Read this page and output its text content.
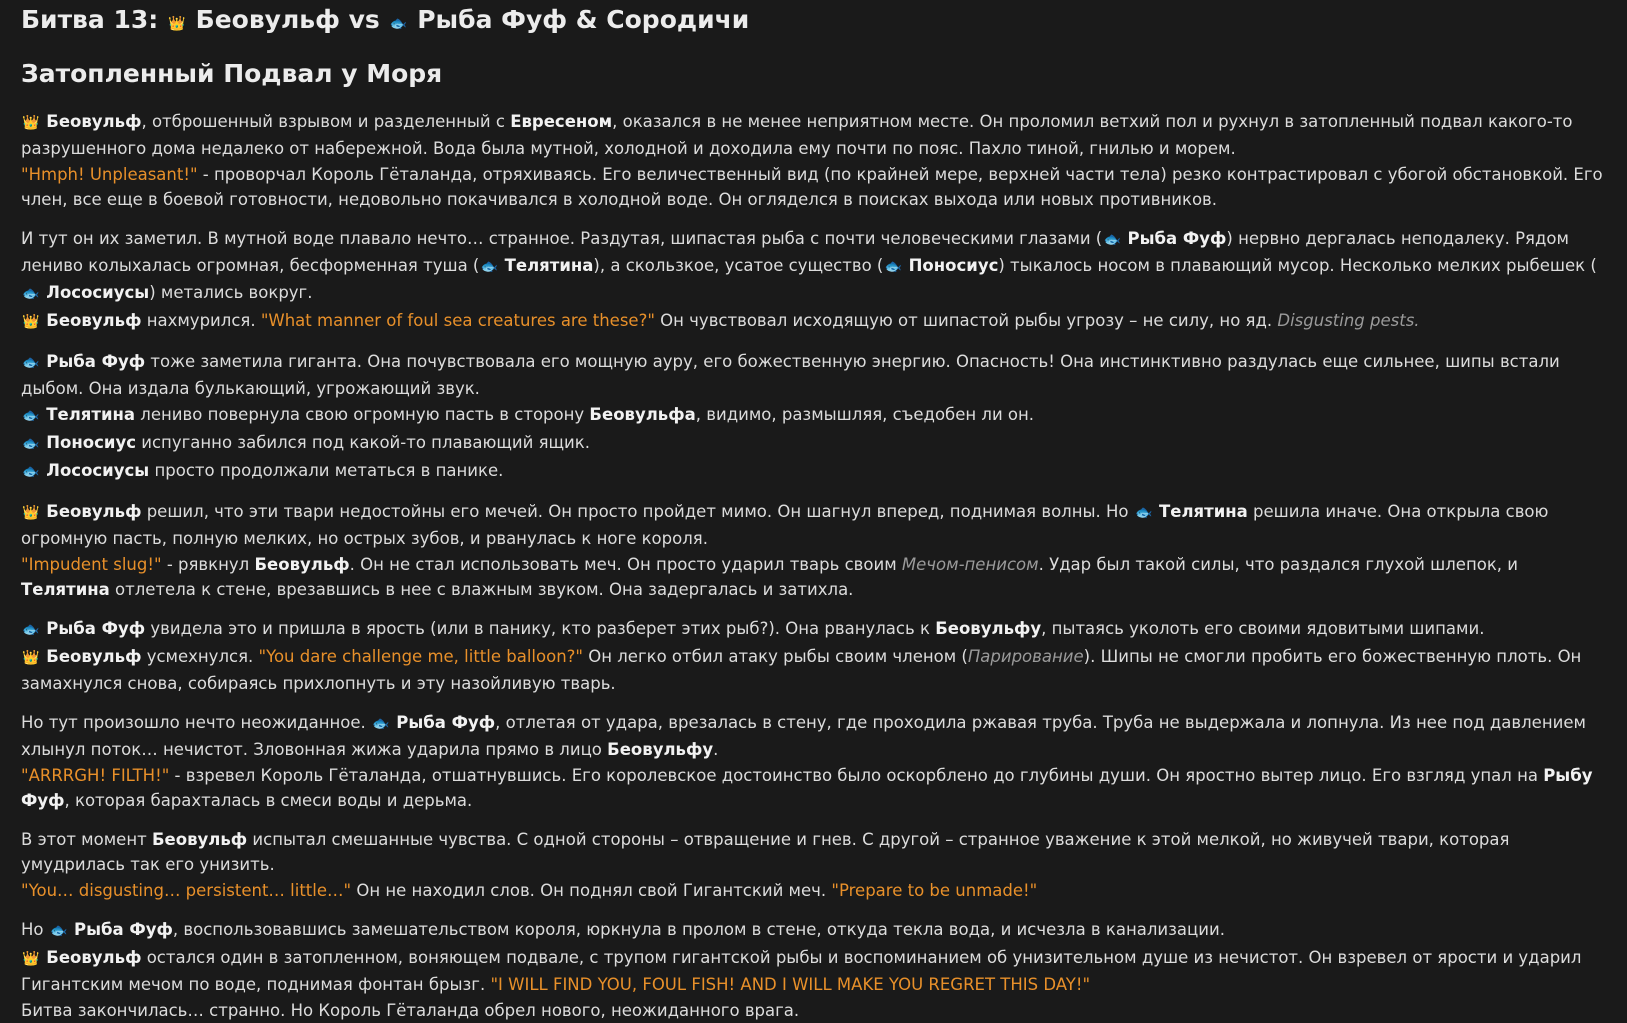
Битва 13: 👑 Беовульф vs 🐟 Рыба Фуф & Сородичи
Затопленный Подвал у Моря

👑 Беовульф, отброшенный взрывом и разделенный с Евресеном, оказался в не менее неприятном месте. Он проломил ветхий пол и рухнул в затопленный подвал какого-то разрушенного дома недалеко от набережной. Вода была мутной, холодной и доходила ему почти по пояс. Пахло тиной, гнилью и морем.

"Hmph! Unpleasant!" - проворчал Король Гёталанда, отряхиваясь. Его величественный вид (по крайней мере, верхней части тела) резко контрастировал с убогой обстановкой. Его член, все еще в боевой готовности, недовольно покачивался в холодной воде. Он огляделся в поисках выхода или новых противников.

И тут он их заметил. В мутной воде плавало нечто… странное. Раздутая, шипастая рыба с почти человеческими глазами (🐟 Рыба Фуф) нервно дергалась неподалеку. Рядом лениво колыхалась огромная, бесформенная туша (🐟 Телятина), а скользкое, усатое существо (🐟 Поносиус) тыкалось носом в плавающий мусор. Несколько мелких рыбешек (🐟 Лососиусы) метались вокруг.

👑 Беовульф нахмурился. "What manner of foul sea creatures are these?" Он чувствовал исходящую от шипастой рыбы угрозу – не силу, но яд. Disgusting pests.

🐟 Рыба Фуф тоже заметила гиганта. Она почувствовала его мощную ауру, его божественную энергию. Опасность! Она инстинктивно раздулась еще сильнее, шипы встали дыбом. Она издала булькающий, угрожающий звук.

🐟 Телятина лениво повернула свою огромную пасть в сторону Беовульфа, видимо, размышляя, съедобен ли он.

🐟 Поносиус испуганно забился под какой-то плавающий ящик.

🐟 Лососиусы просто продолжали метаться в панике.

👑 Беовульф решил, что эти твари недостойны его мечей. Он просто пройдет мимо. Он шагнул вперед, поднимая волны. Но 🐟 Телятина решила иначе. Она открыла свою огромную пасть, полную мелких, но острых зубов, и рванулась к ноге короля.

"Impudent slug!" - рявкнул Беовульф. Он не стал использовать меч. Он просто ударил тварь своим Мечом-пенисом. Удар был такой силы, что раздался глухой шлепок, и Телятина отлетела к стене, врезавшись в нее с влажным звуком. Она задергалась и затихла.

🐟 Рыба Фуф увидела это и пришла в ярость (или в панику, кто разберет этих рыб?). Она рванулась к Беовульфу, пытаясь уколоть его своими ядовитыми шипами.

👑 Беовульф усмехнулся. "You dare challenge me, little balloon?" Он легко отбил атаку рыбы своим членом (Парирование). Шипы не смогли пробить его божественную плоть. Он замахнулся снова, собираясь прихлопнуть и эту назойливую тварь.

Но тут произошло нечто неожиданное. 🐟 Рыба Фуф, отлетая от удара, врезалась в стену, где проходила ржавая труба. Труба не выдержала и лопнула. Из нее под давлением хлынул поток… нечистот. Зловонная жижа ударила прямо в лицо Беовульфу.

"ARRRGH! FILTH!" - взревел Король Гёталанда, отшатнувшись. Его королевское достоинство было оскорблено до глубины души. Он яростно вытер лицо. Его взгляд упал на Рыбу Фуф, которая барахталась в смеси воды и дерьма.

В этот момент Беовульф испытал смешанные чувства. С одной стороны – отвращение и гнев. С другой – странное уважение к этой мелкой, но живучей твари, которая умудрилась так его унизить.

"You… disgusting… persistent… little…" Он не находил слов. Он поднял свой Гигантский меч. "Prepare to be unmade!"

Но 🐟 Рыба Фуф, воспользовавшись замешательством короля, юркнула в пролом в стене, откуда текла вода, и исчезла в канализации.

👑 Беовульф остался один в затопленном, воняющем подвале, с трупом гигантской рыбы и воспоминанием об унизительном душе из нечистот. Он взревел от ярости и ударил Гигантским мечом по воде, поднимая фонтан брызг. "I WILL FIND YOU, FOUL FISH! AND I WILL MAKE YOU REGRET THIS DAY!"

Битва закончилась… странно. Но Король Гёталанда обрел нового, неожиданного врага.
